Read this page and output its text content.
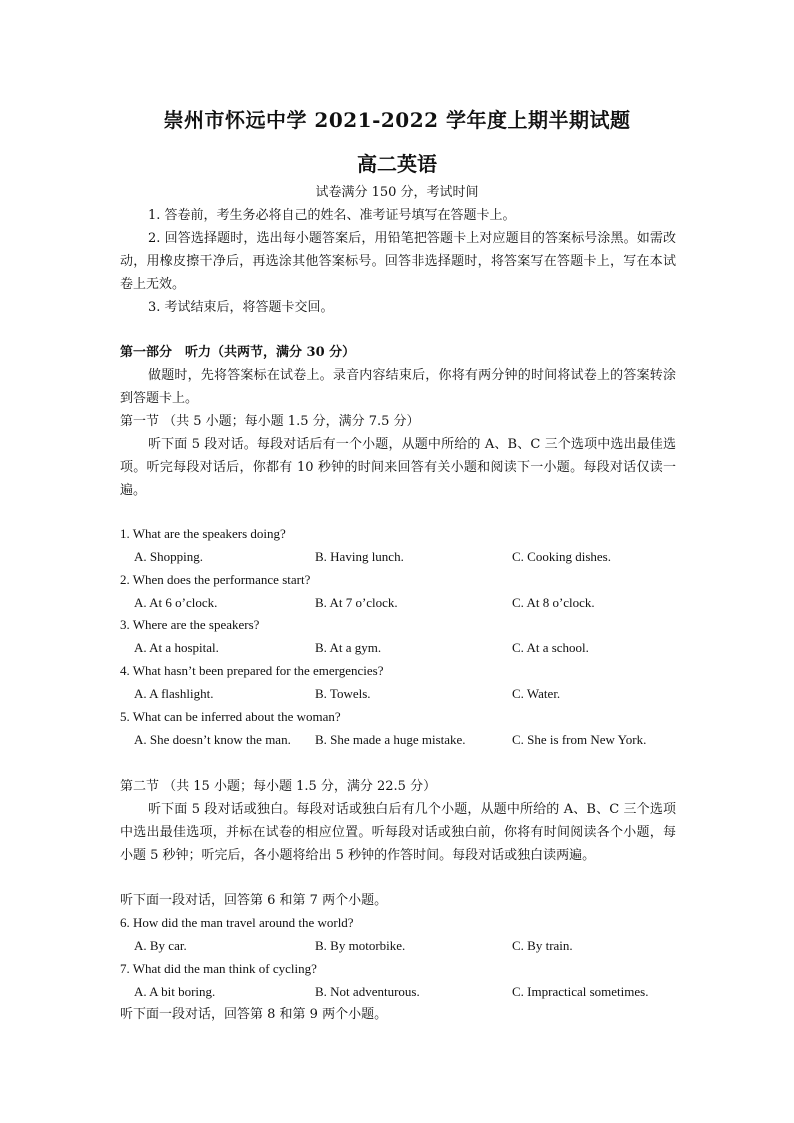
崇州市怀远中学 2021-2022 学年度上期半期试题
高二英语
试卷满分 150 分，考试时间
1. 答卷前，考生务必将自己的姓名、准考证号填写在答题卡上。
2. 回答选择题时，选出每小题答案后，用铅笔把答题卡上对应题目的答案标号涂黑。如需改动，用橡皮擦干净后，再选涂其他答案标号。回答非选择题时，将答案写在答题卡上，写在本试卷上无效。
3. 考试结束后，将答题卡交回。
第一部分　听力（共两节，满分 30 分）
做题时，先将答案标在试卷上。录音内容结束后，你将有两分钟的时间将试卷上的答案转涂到答题卡上。
第一节 （共 5 小题；每小题 1.5 分，满分 7.5 分）
听下面 5 段对话。每段对话后有一个小题，从题中所给的 A、B、C 三个选项中选出最佳选项。听完每段对话后，你都有 10 秒钟的时间来回答有关小题和阅读下一小题。每段对话仅读一遍。
1. What are the speakers doing?
A. Shopping.	B. Having lunch.	C. Cooking dishes.
2. When does the performance start?
A. At 6 o’clock.	B. At 7 o’clock.	C. At 8 o’clock.
3. Where are the speakers?
A. At a hospital.	B. At a gym.	C. At a school.
4. What hasn’t been prepared for the emergencies?
A. A flashlight.	B. Towels.	C. Water.
5. What can be inferred about the woman?
A. She doesn’t know the man. B. She made a huge mistake.	C. She is from New York.
第二节 （共 15 小题；每小题 1.5 分，满分 22.5 分）
听下面 5 段对话或独白。每段对话或独白后有几个小题，从题中所给的 A、B、C 三个选项中选出最佳选项，并标在试卷的相应位置。听每段对话或独白前，你将有时间阅读各个小题，每小题 5 秒钟；听完后，各小题将给出 5 秒钟的作答时间。每段对话或独白读两遍。
听下面一段对话，回答第 6 和第 7 两个小题。
6. How did the man travel around the world?
A. By car.	B. By motorbike.	C. By train.
7. What did the man think of cycling?
A. A bit boring.	B. Not adventurous.	C. Impractical sometimes.
听下面一段对话，回答第 8 和第 9 两个小题。
